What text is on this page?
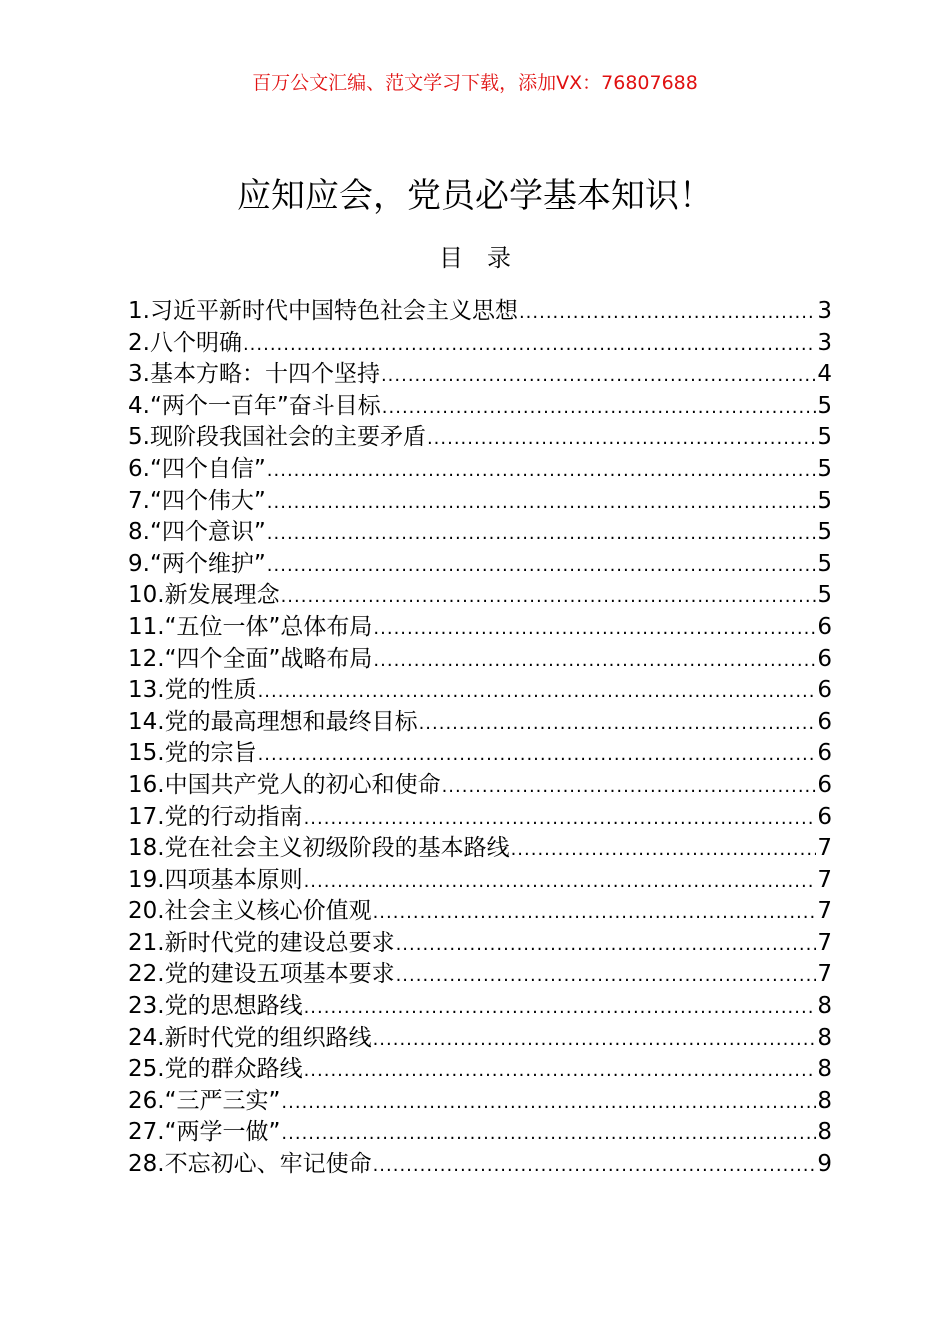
百万公文汇编、范文学习下载，添加VX：76807688
应知应会，党员必学基本知识！
目录
1.习近平新时代中国特色社会主义思想 .....	3
2.八个明确 .....	3
3.基本方略：十四个坚持 .....	4
4.“两个一百年”奋斗目标 .....	5
5.现阶段我国社会的主要矛盾 .....	5
6.“四个自信” .....	5
7.“四个伟大” .....	5
8.“四个意识” .....	5
9.“两个维护” .....	5
10.新发展理念 .....	5
11.“五位一体”总体布局 .....	6
12.“四个全面”战略布局 .....	6
13.党的性质 .....	6
14.党的最高理想和最终目标 .....	6
15.党的宗旨 .....	6
16.中国共产党人的初心和使命 .....	6
17.党的行动指南 .....	6
18.党在社会主义初级阶段的基本路线 .....	7
19.四项基本原则 .....	7
20.社会主义核心价值观 .....	7
21.新时代党的建设总要求 .....	7
22.党的建设五项基本要求 .....	7
23.党的思想路线 .....	8
24.新时代党的组织路线 .....	8
25.党的群众路线 .....	8
26.“三严三实” .....	8
27.“两学一做” .....	8
28.不忘初心、牢记使命 .....	9
